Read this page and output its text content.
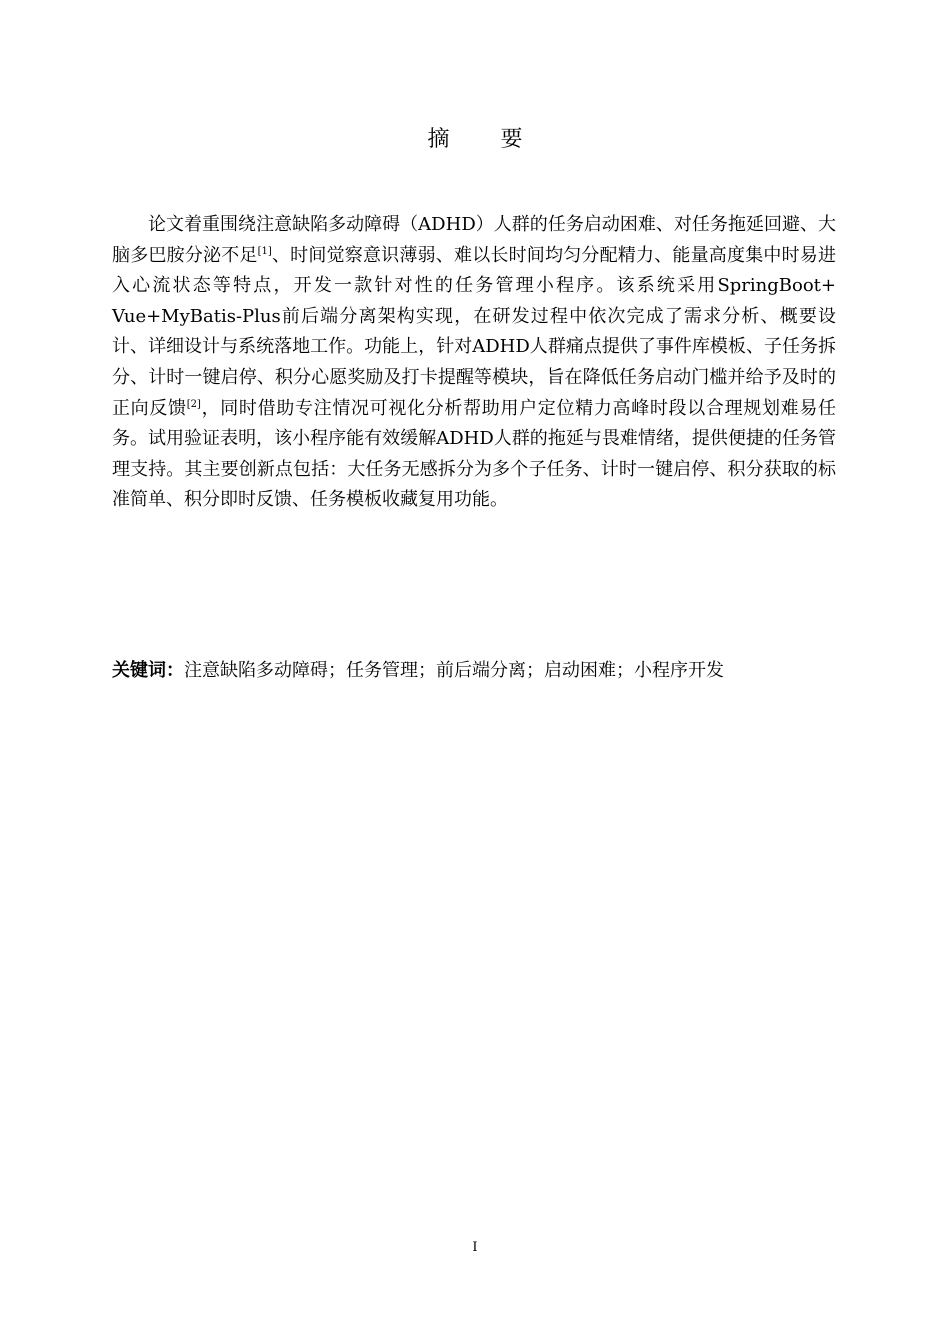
摘 要

论文着重围绕注意缺陷多动障碍（ADHD）人群的任务启动困难、对任务拖延回避、大脑多巴胺分泌不足[1]、时间觉察意识薄弱、难以长时间均匀分配精力、能量高度集中时易进入心流状态等特点，开发一款针对性的任务管理小程序。该系统采用SpringBoot+ Vue+MyBatis-Plus前后端分离架构实现，在研发过程中依次完成了需求分析、概要设计、详细设计与系统落地工作。功能上，针对ADHD人群痛点提供了事件库模板、子任务拆分、计时一键启停、积分心愿奖励及打卡提醒等模块，旨在降低任务启动门槛并给予及时的正向反馈[2]，同时借助专注情况可视化分析帮助用户定位精力高峰时段以合理规划难易任务。试用验证表明，该小程序能有效缓解ADHD人群的拖延与畏难情绪，提供便捷的任务管理支持。其主要创新点包括：大任务无感拆分为多个子任务、计时一键启停、积分获取的标准简单、积分即时反馈、任务模板收藏复用功能。

关键词：注意缺陷多动障碍；任务管理；前后端分离；启动困难；小程序开发
I
